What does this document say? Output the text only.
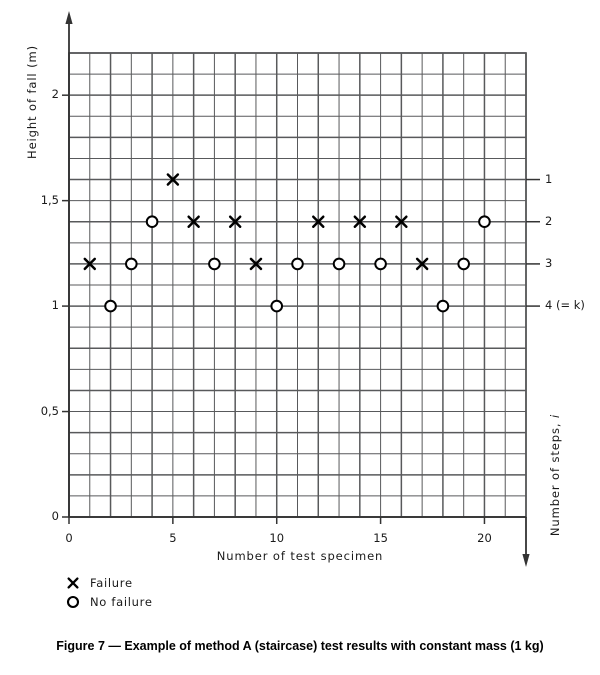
Height of fall (m)
Number of steps, i
Number of test specimen
0
0,5
1
1,5
2
1
2
3
4 (= k)
0	5	10	15	20
Failure
No failure
Figure 7 — Example of method A (staircase) test results with constant mass (1 kg)
